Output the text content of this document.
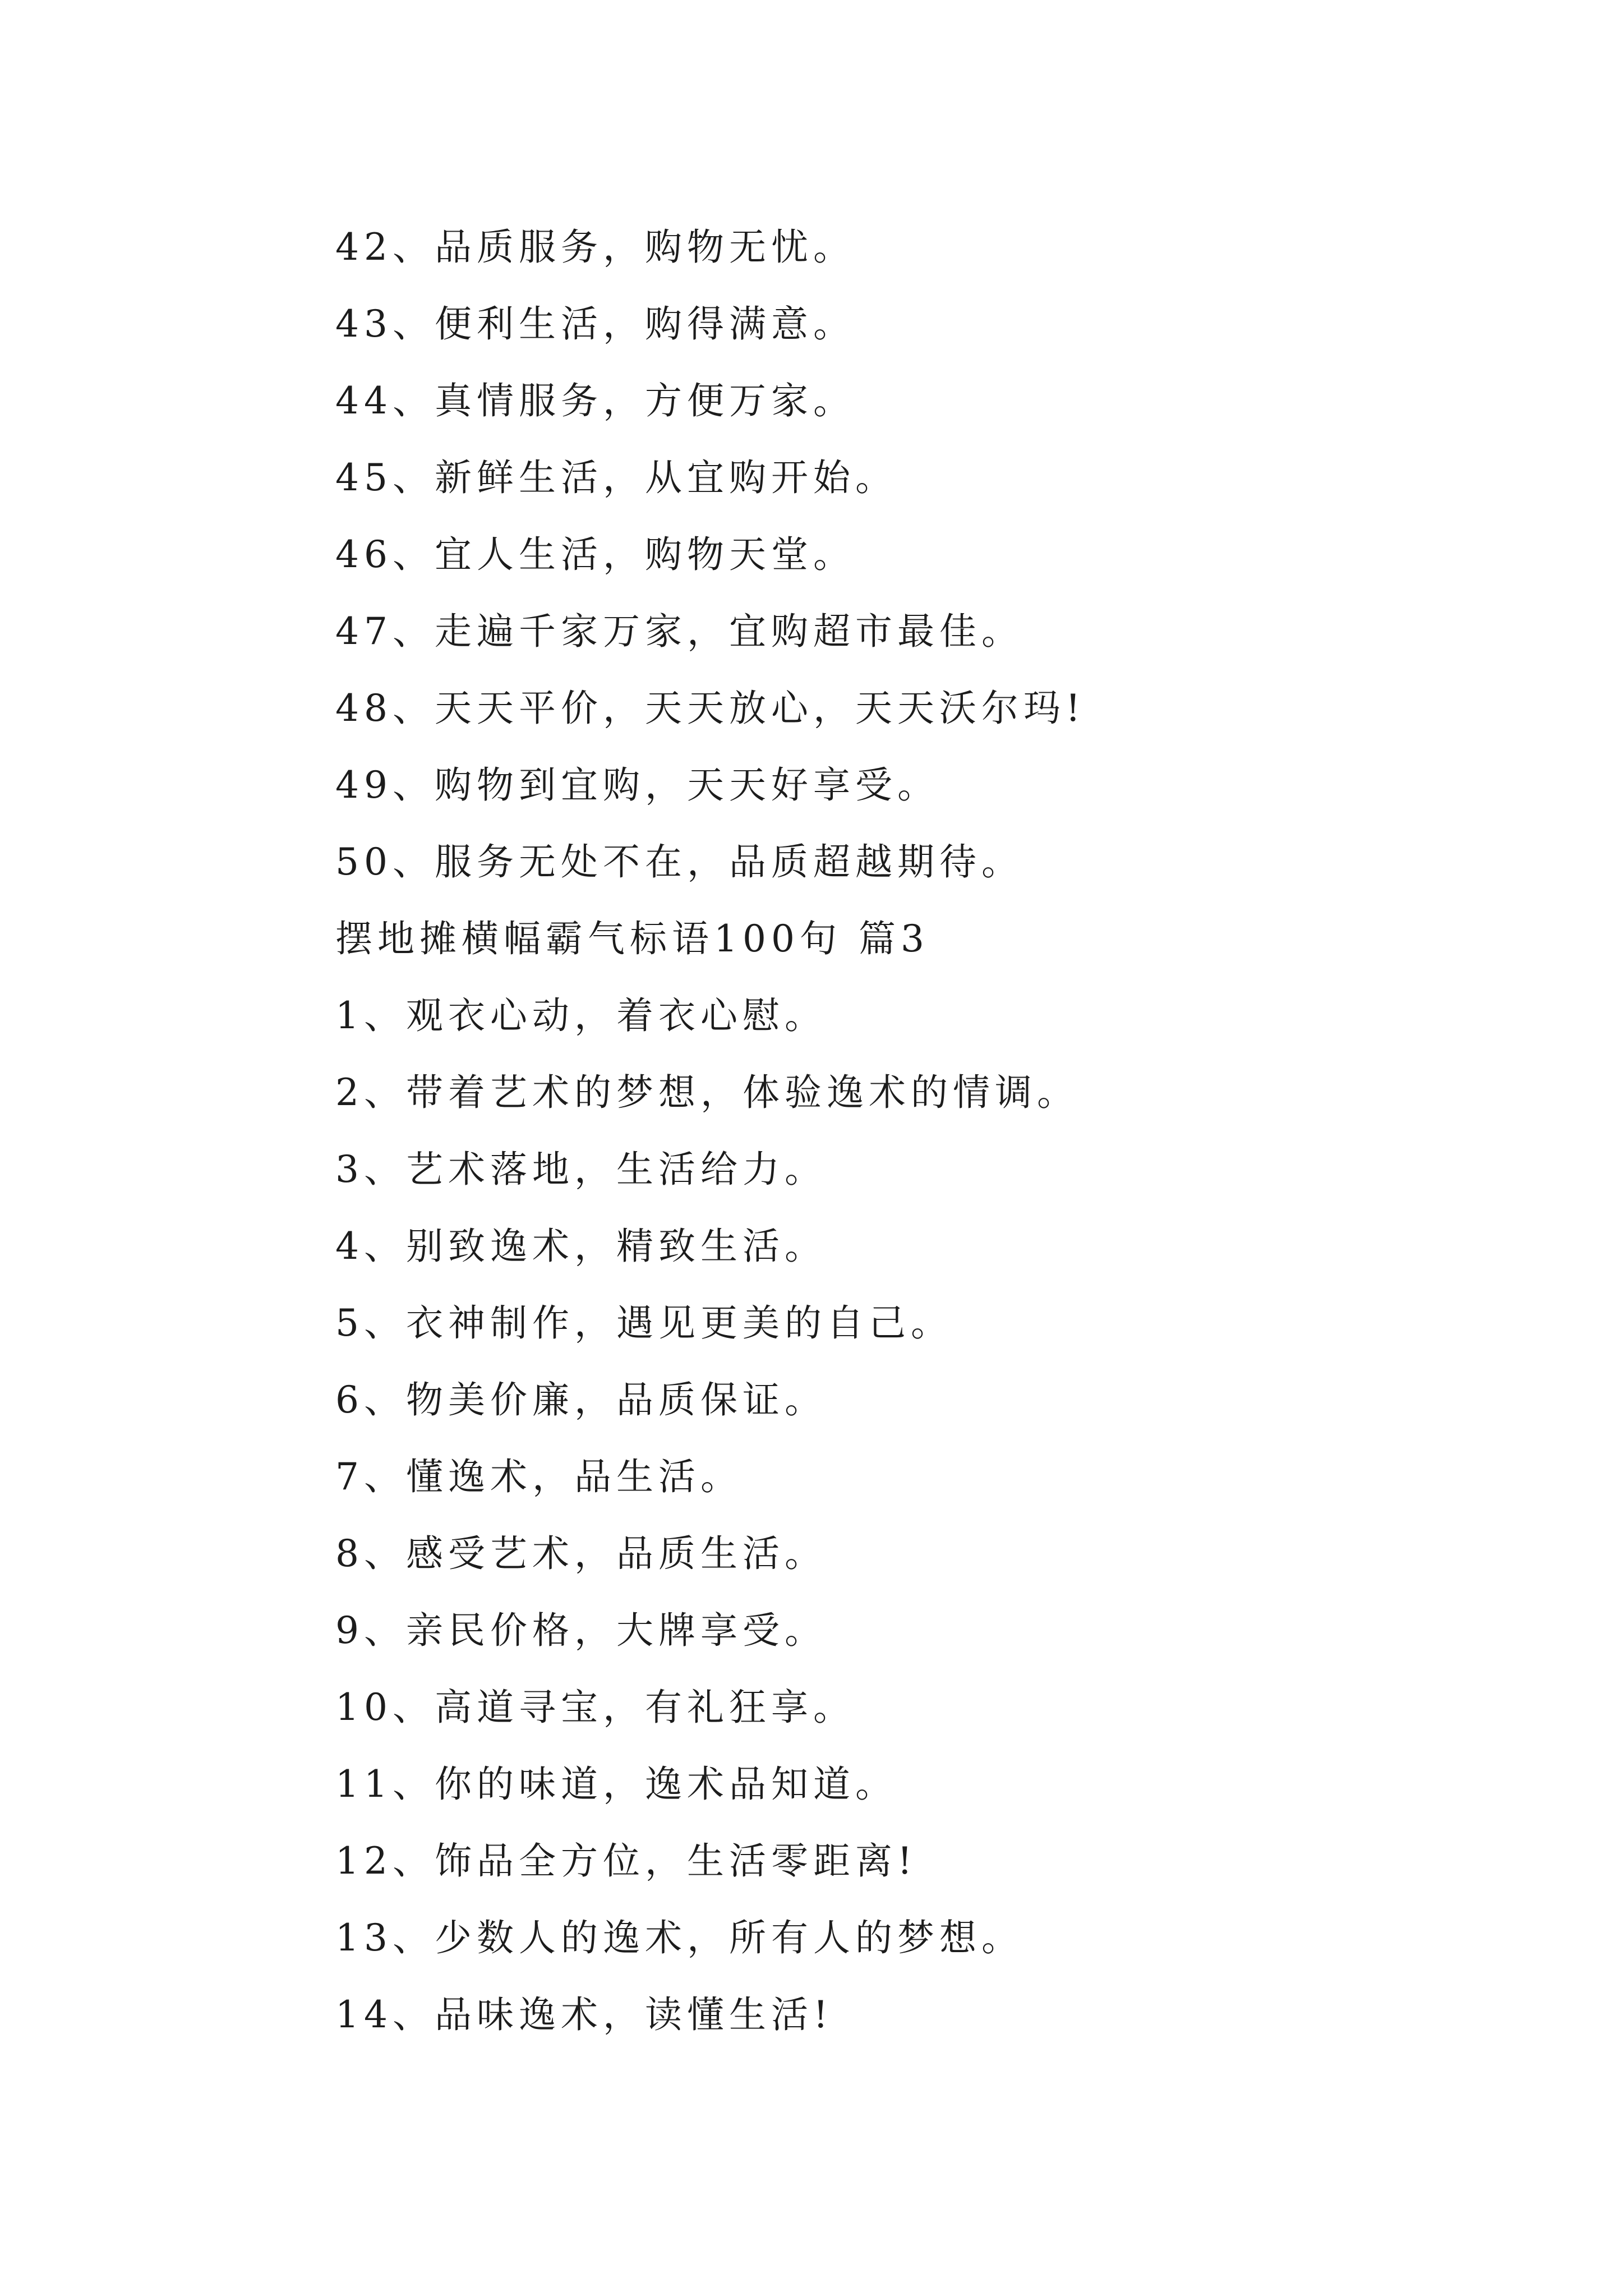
42、品质服务，购物无忧。

43、便利生活，购得满意。

44、真情服务，方便万家。

45、新鲜生活，从宜购开始。

46、宜人生活，购物天堂。

47、走遍千家万家，宜购超市最佳。

48、天天平价，天天放心，天天沃尔玛!

49、购物到宜购，天天好享受。

50、服务无处不在，品质超越期待。

摆地摊横幅霸气标语100句 篇3

1、观衣心动，着衣心慰。

2、带着艺术的梦想，体验逸术的情调。

3、艺术落地，生活给力。

4、别致逸术，精致生活。

5、衣神制作，遇见更美的自己。

6、物美价廉，品质保证。

7、懂逸术，品生活。

8、感受艺术，品质生活。

9、亲民价格，大牌享受。

10、高道寻宝，有礼狂享。

11、你的味道，逸术品知道。

12、饰品全方位，生活零距离!

13、少数人的逸术，所有人的梦想。

14、品味逸术，读懂生活!
